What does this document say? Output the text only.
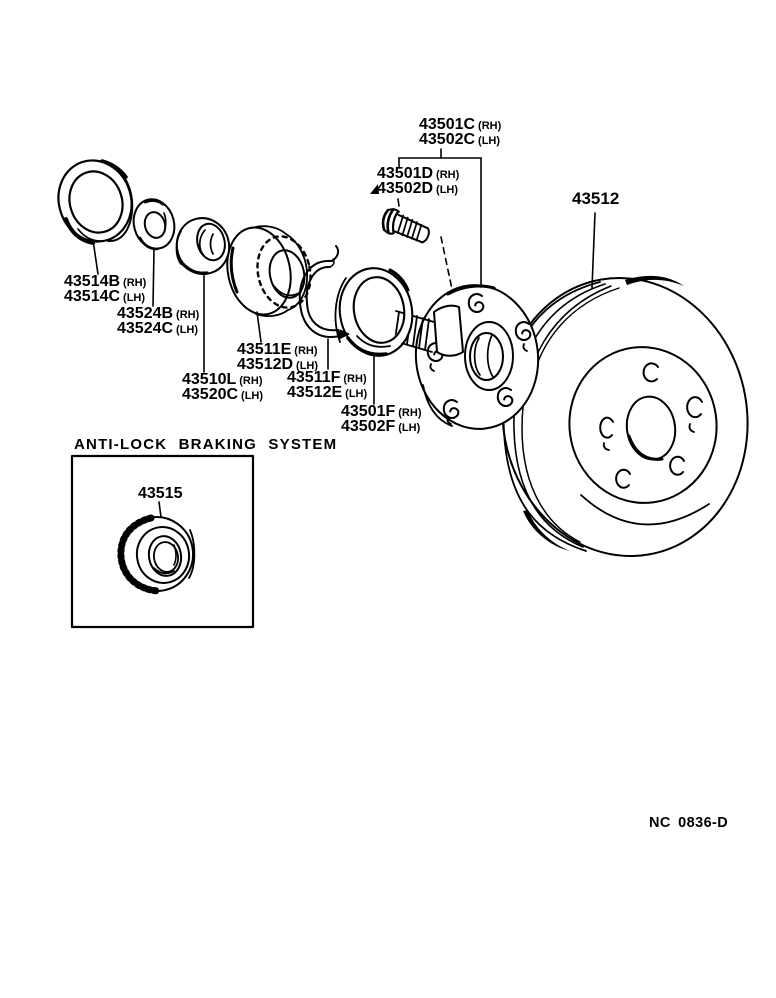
43501C (RH)
43502C (LH)
43501D (RH)
43502D (LH)	43512
43514B (RH)
43514C (LH)
43524B (RH)
43524C (LH)
43511E (RH)
43512D (LH)
43510L (RH)
43520C (LH)
43511F (RH)
43512E (LH)
43501F (RH)
43502F (LH)
ANTI-LOCK BRAKING SYSTEM
43515
NC 0836-D
